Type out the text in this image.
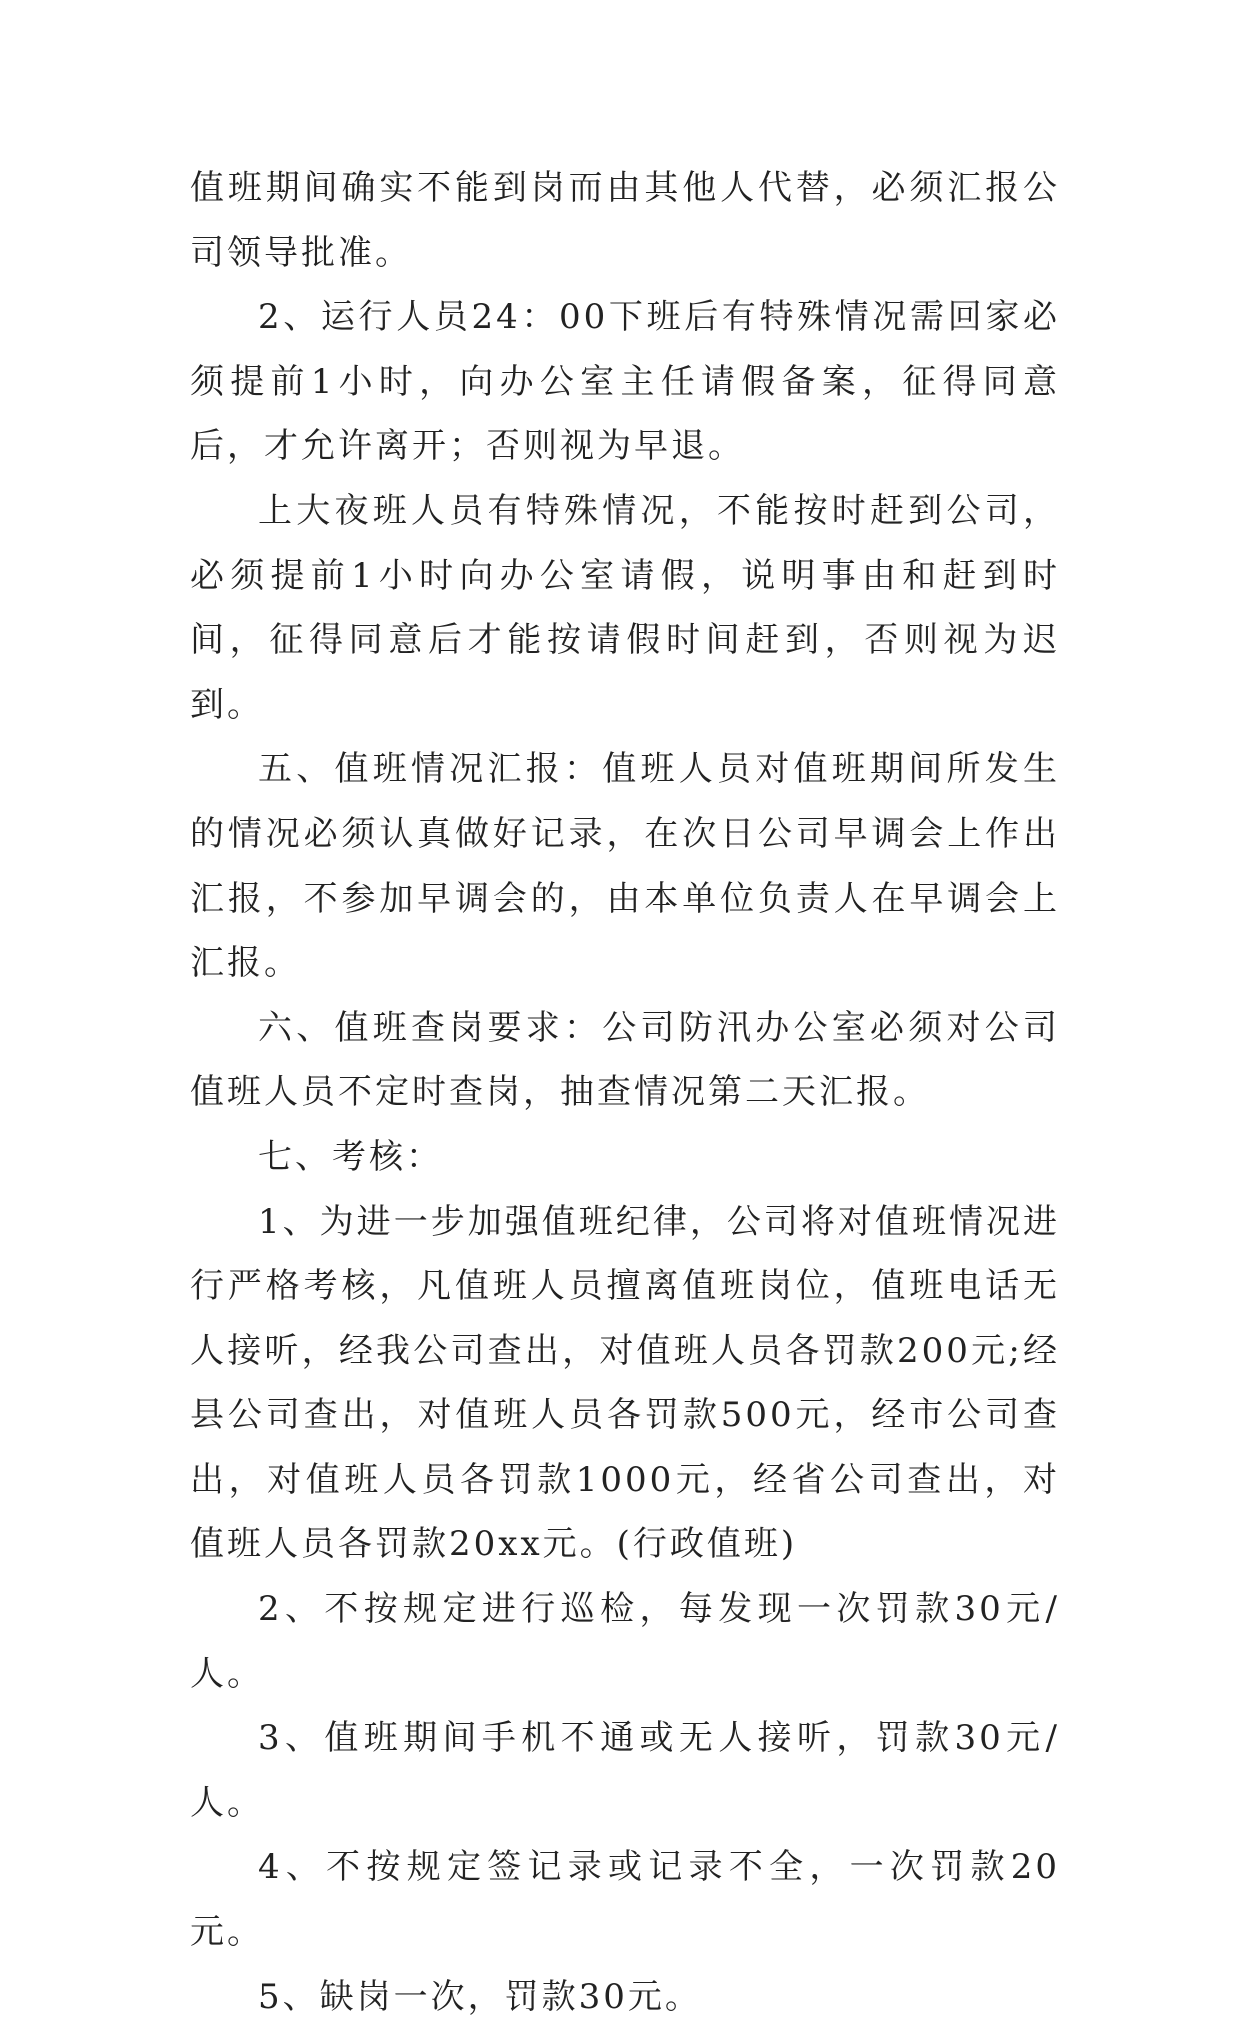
值班期间确实不能到岗而由其他人代替，必须汇报公司领导批准。

2、运行人员24：00下班后有特殊情况需回家必须提前1小时，向办公室主任请假备案，征得同意后，才允许离开；否则视为早退。

上大夜班人员有特殊情况，不能按时赶到公司，必须提前1小时向办公室请假，说明事由和赶到时间，征得同意后才能按请假时间赶到，否则视为迟到。

五、值班情况汇报：值班人员对值班期间所发生的情况必须认真做好记录，在次日公司早调会上作出汇报，不参加早调会的，由本单位负责人在早调会上汇报。

六、值班查岗要求：公司防汛办公室必须对公司值班人员不定时查岗，抽查情况第二天汇报。

七、考核：

1、为进一步加强值班纪律，公司将对值班情况进行严格考核，凡值班人员擅离值班岗位，值班电话无人接听，经我公司查出，对值班人员各罚款200元;经县公司查出，对值班人员各罚款500元，经市公司查出，对值班人员各罚款1000元，经省公司查出，对值班人员各罚款20xx元。(行政值班)

2、不按规定进行巡检，每发现一次罚款30元/人。

3、值班期间手机不通或无人接听，罚款30元/人。

4、不按规定签记录或记录不全，一次罚款20元。

5、缺岗一次，罚款30元。
